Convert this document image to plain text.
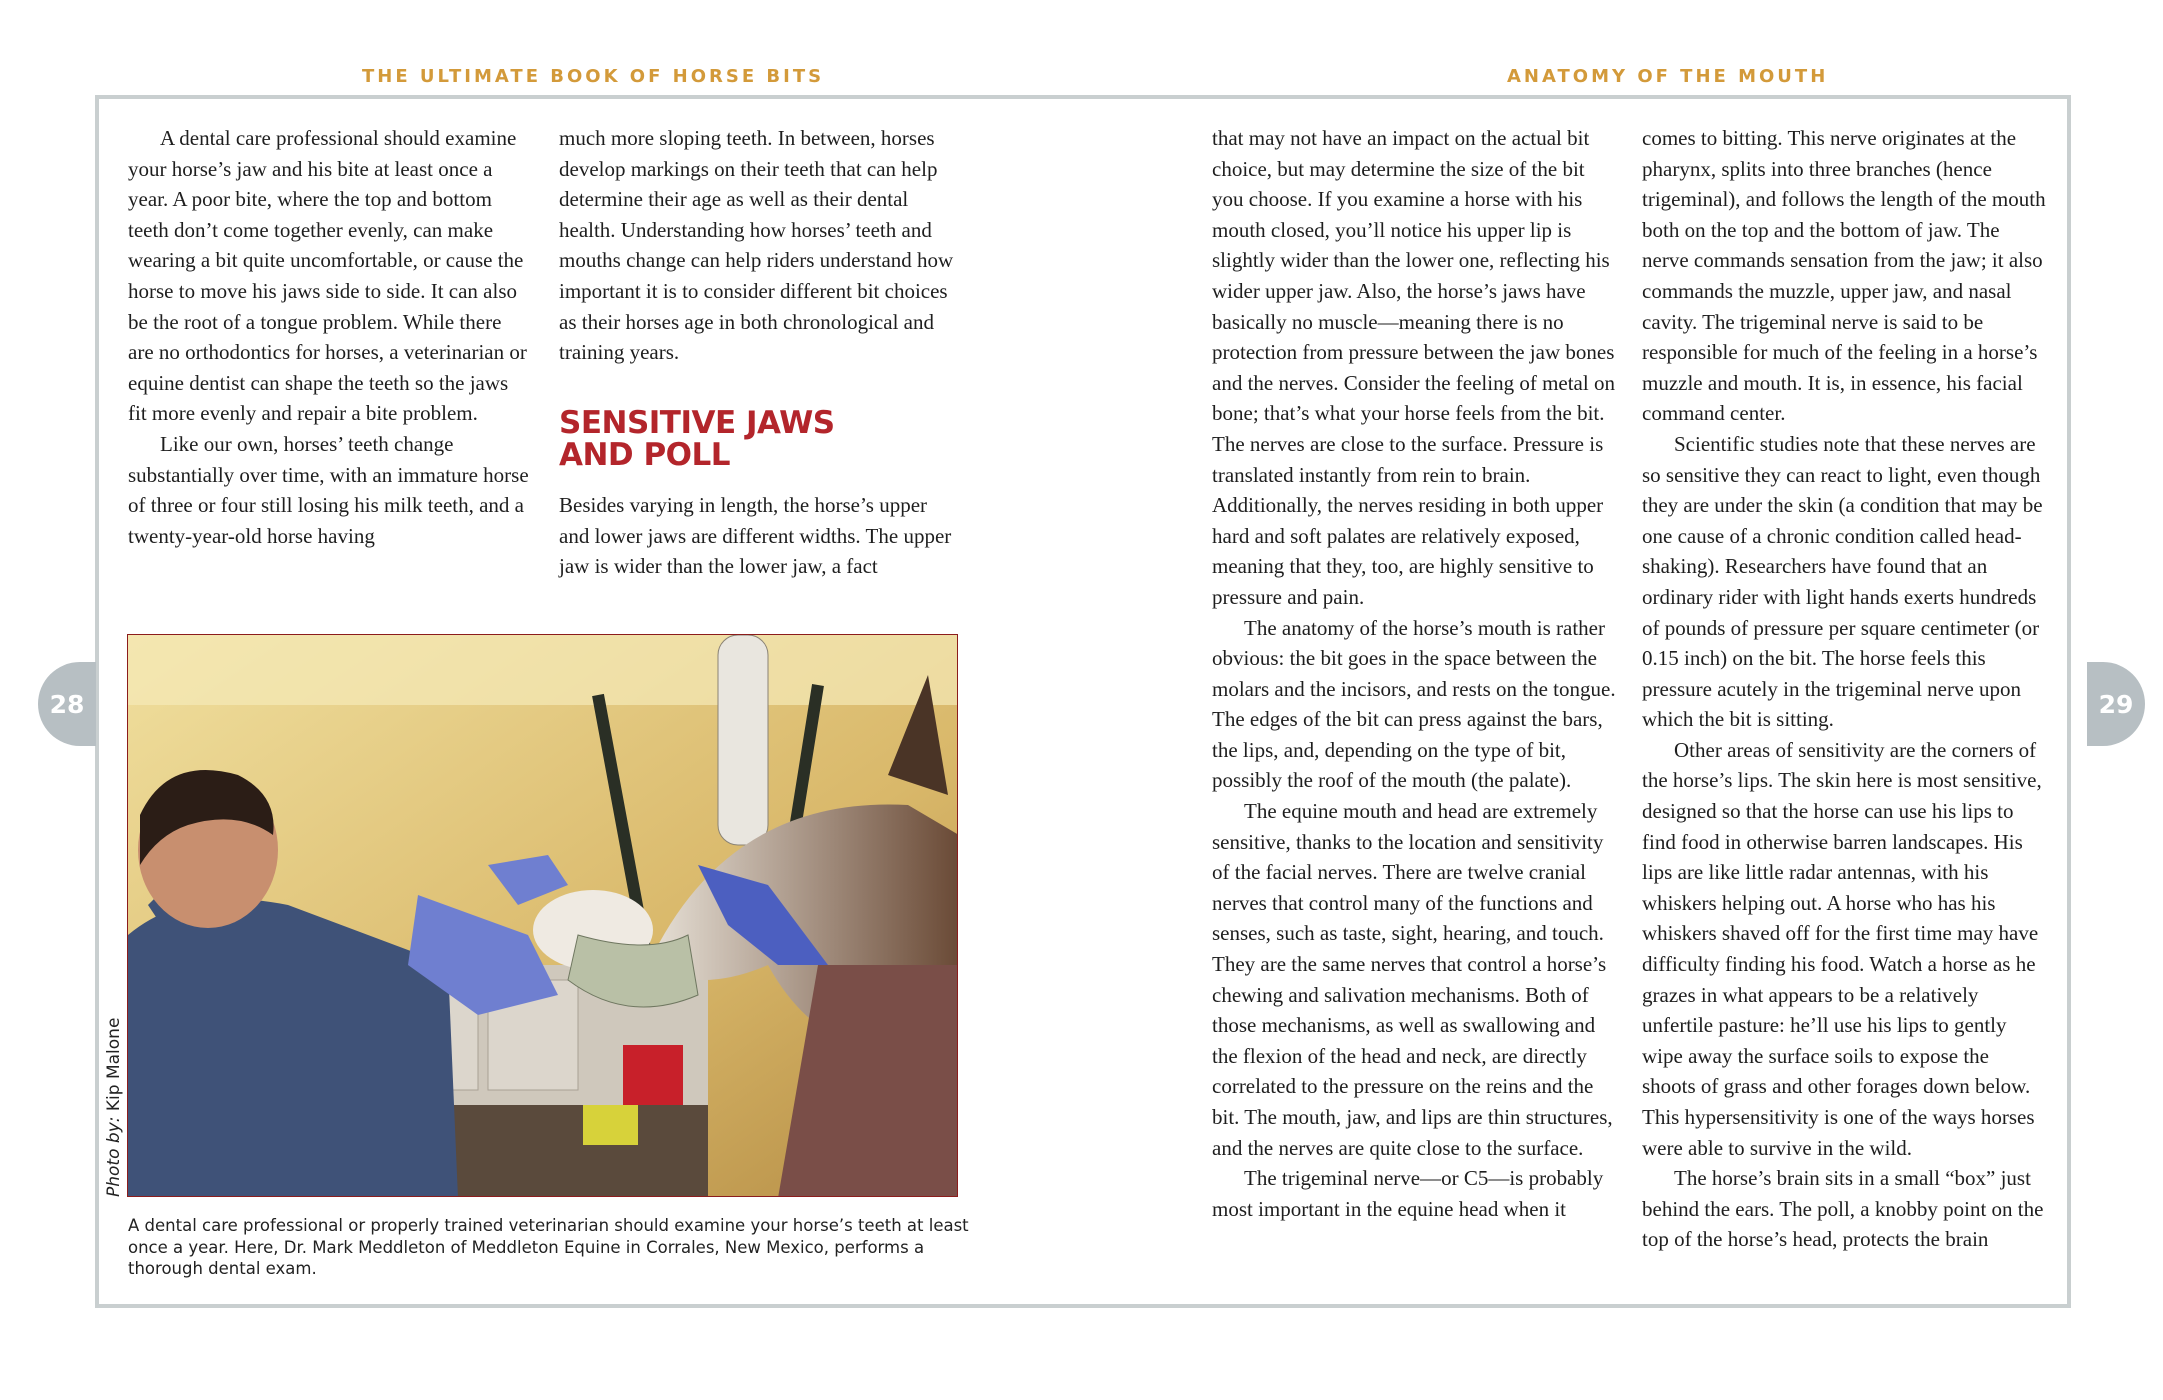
THE ULTIMATE BOOK OF HORSE BITS	ANATOMY OF THE MOUTH
28	29

A dental care professional should examine your horse’s jaw and his bite at least once a year. A poor bite, where the top and bottom teeth don’t come together evenly, can make wearing a bit quite uncomfortable, or cause the horse to move his jaws side to side. It can also be the root of a tongue problem. While there are no orthodontics for horses, a veterinarian or equine dentist can shape the teeth so the jaws fit more evenly and repair a bite problem.

Like our own, horses’ teeth change substantially over time, with an immature horse of three or four still losing his milk teeth, and a twenty-year-old horse having

much more sloping teeth. In between, horses develop markings on their teeth that can help determine their age as well as their dental health. Understanding how horses’ teeth and mouths change can help riders understand how important it is to consider different bit choices as their horses age in both chronological and training years.

SENSITIVE JAWS
AND POLL

Besides varying in length, the horse’s upper and lower jaws are different widths. The upper jaw is wider than the lower jaw, a fact

Photo by: Kip Malone
A dental care professional or properly trained veterinarian should examine your horse’s teeth at least once a year. Here, Dr. Mark Meddleton of Meddleton Equine in Corrales, New Mexico, performs a thorough dental exam.

that may not have an impact on the actual bit choice, but may determine the size of the bit you choose. If you examine a horse with his mouth closed, you’ll notice his upper lip is slightly wider than the lower one, reflecting his wider upper jaw. Also, the horse’s jaws have basically no muscle—meaning there is no protection from pressure between the jaw bones and the nerves. Consider the feeling of metal on bone; that’s what your horse feels from the bit. The nerves are close to the surface. Pressure is translated instantly from rein to brain. Additionally, the nerves residing in both upper hard and soft palates are relatively exposed, meaning that they, too, are highly sensitive to pressure and pain.

The anatomy of the horse’s mouth is rather obvious: the bit goes in the space between the molars and the incisors, and rests on the tongue. The edges of the bit can press against the bars, the lips, and, depending on the type of bit, possibly the roof of the mouth (the palate).

The equine mouth and head are extremely sensitive, thanks to the location and sensitivity of the facial nerves. There are twelve cranial nerves that control many of the functions and senses, such as taste, sight, hearing, and touch. They are the same nerves that control a horse’s chewing and salivation mechanisms. Both of those mechanisms, as well as swallowing and the flexion of the head and neck, are directly correlated to the pressure on the reins and the bit. The mouth, jaw, and lips are thin structures, and the nerves are quite close to the surface.

The trigeminal nerve—or C5—is probably most important in the equine head when it

comes to bitting. This nerve originates at the pharynx, splits into three branches (hence trigeminal), and follows the length of the mouth both on the top and the bottom of jaw. The nerve commands sensation from the jaw; it also commands the muzzle, upper jaw, and nasal cavity. The trigeminal nerve is said to be responsible for much of the feeling in a horse’s muzzle and mouth. It is, in essence, his facial command center.

Scientific studies note that these nerves are so sensitive they can react to light, even though they are under the skin (a condition that may be one cause of a chronic condition called head-shaking). Researchers have found that an ordinary rider with light hands exerts hundreds of pounds of pressure per square centimeter (or 0.15 inch) on the bit. The horse feels this pressure acutely in the trigeminal nerve upon which the bit is sitting.

Other areas of sensitivity are the corners of the horse’s lips. The skin here is most sensitive, designed so that the horse can use his lips to find food in otherwise barren landscapes. His lips are like little radar antennas, with his whiskers helping out. A horse who has his whiskers shaved off for the first time may have difficulty finding his food. Watch a horse as he grazes in what appears to be a relatively unfertile pasture: he’ll use his lips to gently wipe away the surface soils to expose the shoots of grass and other forages down below. This hypersensitivity is one of the ways horses were able to survive in the wild.

The horse’s brain sits in a small “box” just behind the ears. The poll, a knobby point on the top of the horse’s head, protects the brain
